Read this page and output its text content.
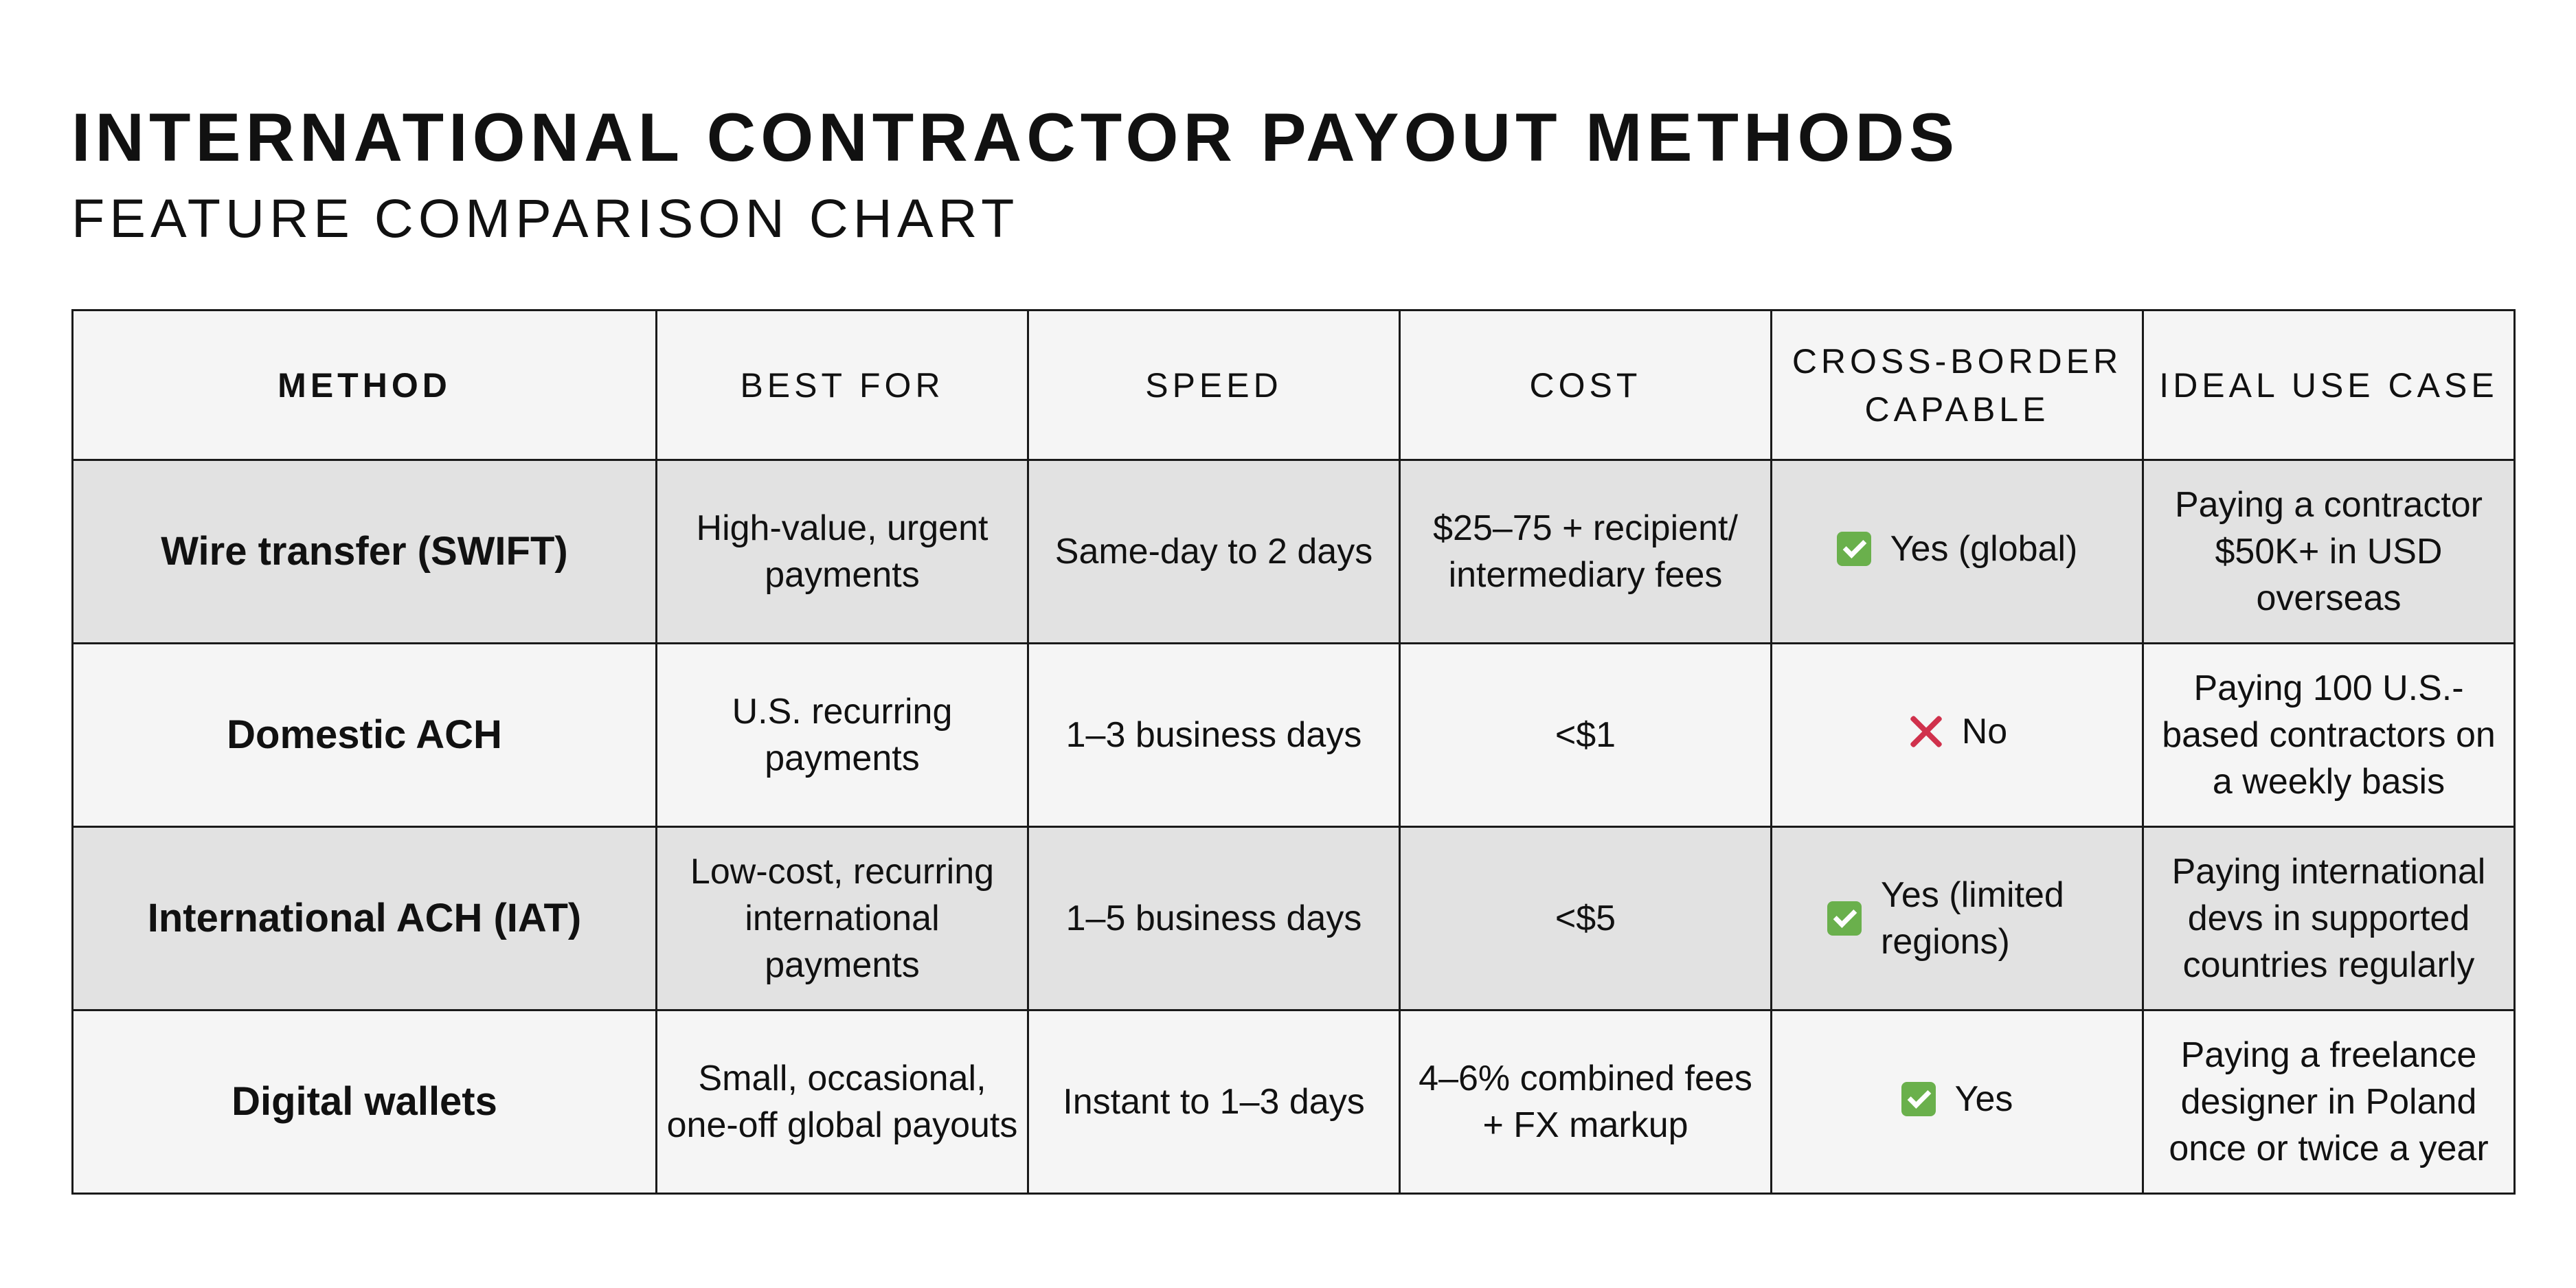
INTERNATIONAL CONTRACTOR PAYOUT METHODS
FEATURE COMPARISON CHART
METHOD	BEST FOR	SPEED	COST	CROSS-BORDER CAPABLE	IDEAL USE CASE
Wire transfer (SWIFT)	High-value, urgent payments	Same-day to 2 days	$25–75 + recipient/ intermediary fees	Yes (global)	Paying a contractor $50K+ in USD overseas
Domestic ACH	U.S. recurring payments	1–3 business days	<$1	No	Paying 100 U.S.-based contractors on a weekly basis
International ACH (IAT)	Low-cost, recurring international payments	1–5 business days	<$5	Yes (limited regions)	Paying international devs in supported countries regularly
Digital wallets	Small, occasional, one-off global payouts	Instant to 1–3 days	4–6% combined fees + FX markup	Yes	Paying a freelance designer in Poland once or twice a year
